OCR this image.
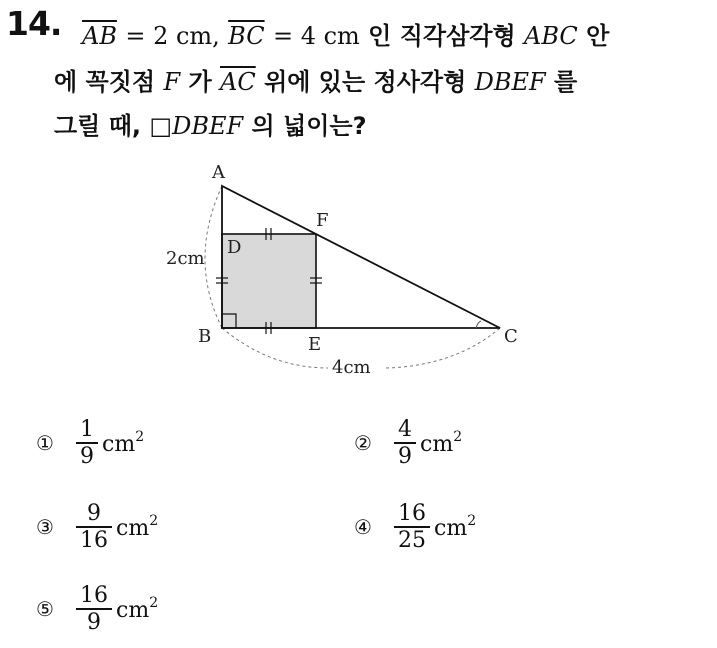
14. $\overline{AB} = 2$ cm, $\overline{BC} = 4$ cm 인 직각삼각형 ABC 안
에 꼭짓점 F 가 $\overline{AC}$ 위에 있는 정사각형 DBEF 를
그릴 때, □DBEF 의 넓이는?
A
B	C
D
E
F
2cm
4cm
①	$\frac{1}{9} cm^2$	②	$\frac{4}{9} cm^2$
③	$\frac{9}{16} cm^2$	④	$\frac{16}{25} cm^2$
⑤	$\frac{16}{9} cm^2$
